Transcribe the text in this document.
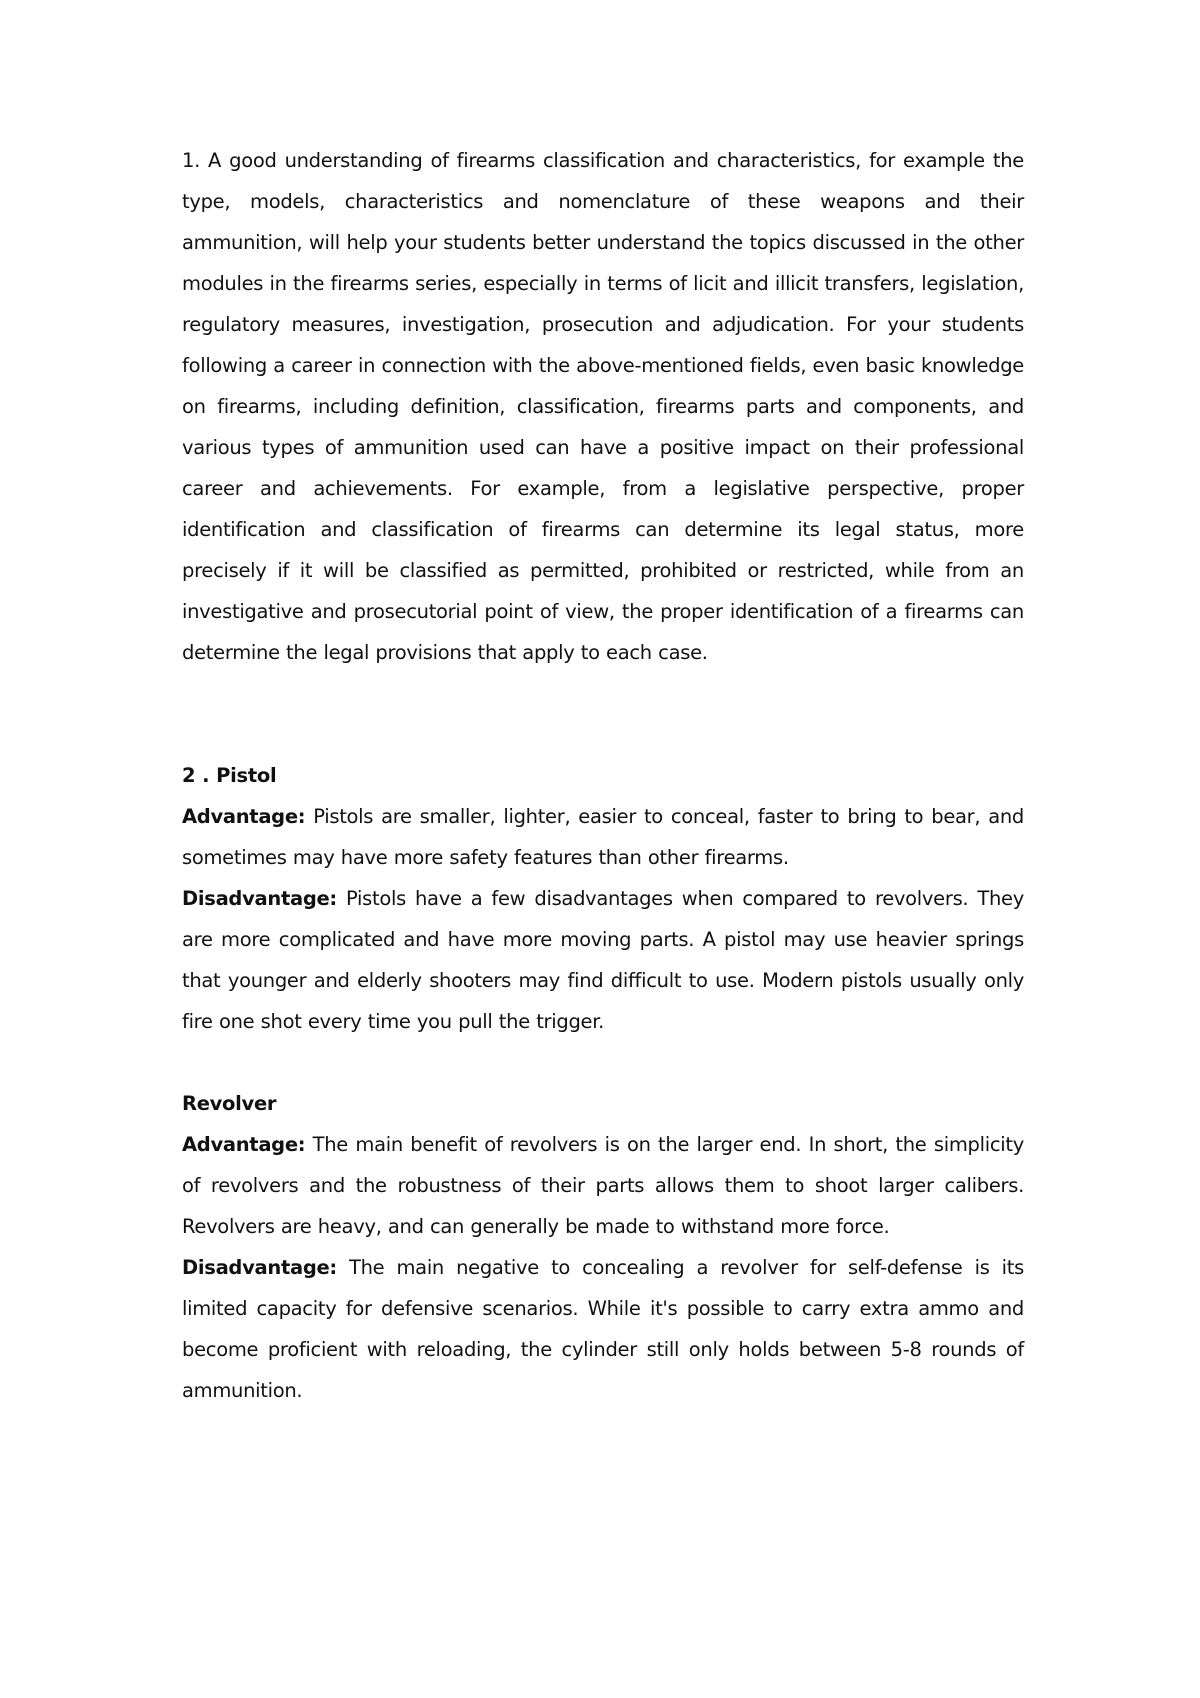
1. A good understanding of firearms classification and characteristics, for example the type, models, characteristics and nomenclature of these weapons and their ammunition, will help your students better understand the topics discussed in the other modules in the firearms series, especially in terms of licit and illicit transfers, legislation, regulatory measures, investigation, prosecution and adjudication. For your students following a career in connection with the above-mentioned fields, even basic knowledge on firearms, including definition, classification, firearms parts and components, and various types of ammunition used can have a positive impact on their professional career and achievements. For example, from a legislative perspective, proper identification and classification of firearms can determine its legal status, more precisely if it will be classified as permitted, prohibited or restricted, while from an investigative and prosecutorial point of view, the proper identification of a firearms can determine the legal provisions that apply to each case.

2 . Pistol

Advantage: Pistols are smaller, lighter, easier to conceal, faster to bring to bear, and sometimes may have more safety features than other firearms.

Disadvantage: Pistols have a few disadvantages when compared to revolvers. They are more complicated and have more moving parts. A pistol may use heavier springs that younger and elderly shooters may find difficult to use. Modern pistols usually only fire one shot every time you pull the trigger.

Revolver

Advantage: The main benefit of revolvers is on the larger end. In short, the simplicity of revolvers and the robustness of their parts allows them to shoot larger calibers. Revolvers are heavy, and can generally be made to withstand more force.

Disadvantage: The main negative to concealing a revolver for self-defense is its limited capacity for defensive scenarios. While it's possible to carry extra ammo and become proficient with reloading, the cylinder still only holds between 5-8 rounds of ammunition.
